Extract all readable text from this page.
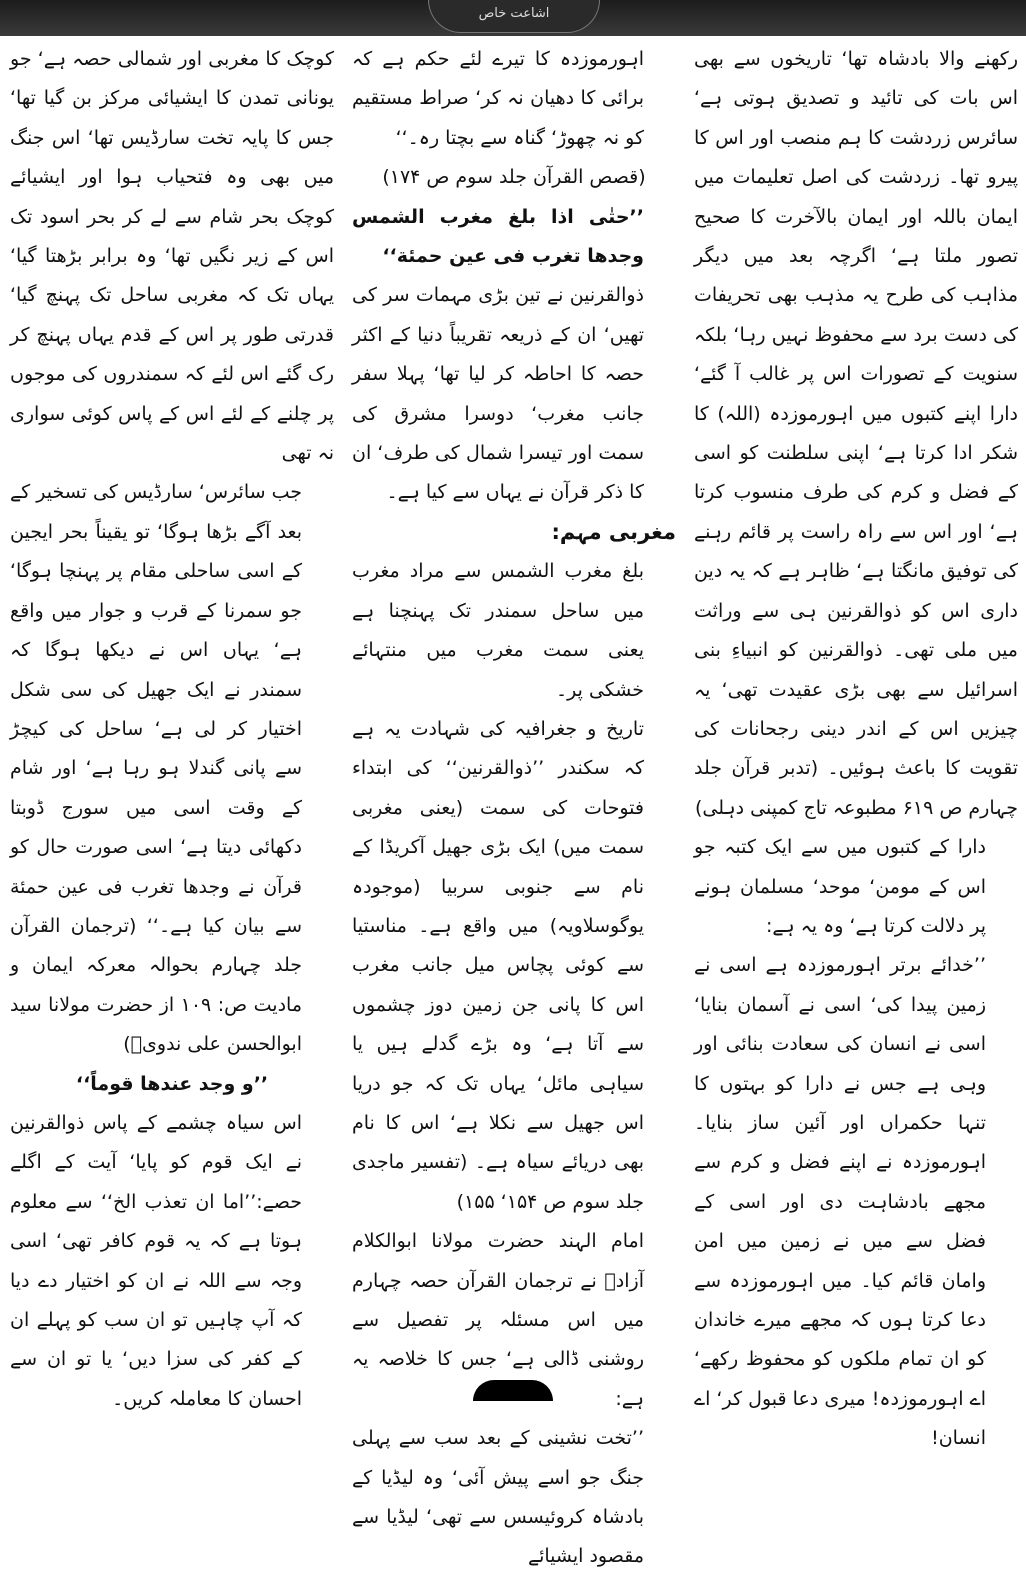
اشاعت خاص

رکھنے والا بادشاہ تھا‘ تاریخوں سے بھی اس بات کی تائید و تصدیق ہوتی ہے‘ سائرس زردشت کا ہم منصب اور اس کا پیرو تھا۔ زردشت کی اصل تعلیمات میں ایمان باللہ اور ایمان بالآخرت کا صحیح تصور ملتا ہے‘ اگرچہ بعد میں دیگر مذاہب کی طرح یہ مذہب بھی تحریفات کی دست برد سے محفوظ نہیں رہا‘ بلکہ سنویت کے تصورات اس پر غالب آ گئے‘ دارا اپنے کتبوں میں اہورموزدہ (اللہ) کا شکر ادا کرتا ہے‘ اپنی سلطنت کو اسی کے فضل و کرم کی طرف منسوب کرتا ہے‘ اور اس سے راہ راست پر قائم رہنے کی توفیق مانگتا ہے‘ ظاہر ہے کہ یہ دین داری اس کو ذوالقرنین ہی سے وراثت میں ملی تھی۔ ذوالقرنین کو انبیاءِ بنی اسرائیل سے بھی بڑی عقیدت تھی‘ یہ چیزیں اس کے اندر دینی رجحانات کی تقویت کا باعث ہوئیں۔ (تدبر قرآن جلد چہارم ص ۶۱۹ مطبوعہ تاج کمپنی دہلی)

دارا کے کتبوں میں سے ایک کتبہ جو اس کے مومن‘ موحد‘ مسلمان ہونے پر دلالت کرتا ہے‘ وہ یہ ہے:

’’خدائے برتر اہورموزدہ ہے اسی نے زمین پیدا کی‘ اسی نے آسمان بنایا‘ اسی نے انسان کی سعادت بنائی اور وہی ہے جس نے دارا کو بہتوں کا تنہا حکمراں اور آئین ساز بنایا۔ اہورموزدہ نے اپنے فضل و کرم سے مجھے بادشاہت دی اور اسی کے فضل سے میں نے زمین میں امن وامان قائم کیا۔ میں اہورموزدہ سے دعا کرتا ہوں کہ مجھے میرے خاندان کو ان تمام ملکوں کو محفوظ رکھے‘ اے اہورموزدہ! میری دعا قبول کر‘ اے انسان!

اہورموزدہ کا تیرے لئے حکم ہے کہ برائی کا دھیان نہ کر‘ صراط مستقیم کو نہ چھوڑ‘ گناہ سے بچتا رہ۔‘‘

(قصص القرآن جلد سوم ص ۱۷۴)

’’حتٰی اذا بلغ مغرب الشمس وجدھا تغرب فی عین حمئة‘‘

ذوالقرنین نے تین بڑی مہمات سر کی تھیں‘ ان کے ذریعہ تقریباً دنیا کے اکثر حصہ کا احاطہ کر لیا تھا‘ پہلا سفر جانب مغرب‘ دوسرا مشرق کی سمت اور تیسرا شمال کی طرف‘ ان کا ذکر قرآن نے یہاں سے کیا ہے۔

مغربی مہم:

بلغ مغرب الشمس سے مراد مغرب میں ساحل سمندر تک پہنچنا ہے یعنی سمت مغرب میں منتہائے خشکی پر۔

تاریخ و جغرافیہ کی شہادت یہ ہے کہ سکندر ’’ذوالقرنین‘‘ کی ابتداء فتوحات کی سمت (یعنی مغربی سمت میں) ایک بڑی جھیل آکریڈا کے نام سے جنوبی سربیا (موجودہ یوگوسلاویہ) میں واقع ہے۔ مناستیا سے کوئی پچاس میل جانب مغرب اس کا پانی جن زمین دوز چشموں سے آتا ہے‘ وہ بڑے گدلے ہیں یا سیاہی مائل‘ یہاں تک کہ جو دریا اس جھیل سے نکلا ہے‘ اس کا نام بھی دریائے سیاہ ہے۔ (تفسیر ماجدی جلد سوم ص ۱۵۴‘ ۱۵۵)

امام الہند حضرت مولانا ابوالکلام آزادؒ نے ترجمان القرآن حصہ چہارم میں اس مسئلہ پر تفصیل سے روشنی ڈالی ہے‘ جس کا خلاصہ یہ ہے:

’’تخت نشینی کے بعد سب سے پہلی جنگ جو اسے پیش آئی‘ وہ لیڈیا کے بادشاہ کروئیسس سے تھی‘ لیڈیا سے مقصود ایشیائے

کوچک کا مغربی اور شمالی حصہ ہے‘ جو یونانی تمدن کا ایشیائی مرکز بن گیا تھا‘ جس کا پایہ تخت سارڈیس تھا‘ اس جنگ میں بھی وہ فتحیاب ہوا اور ایشیائے کوچک بحر شام سے لے کر بحر اسود تک اس کے زیر نگیں تھا‘ وہ برابر بڑھتا گیا‘ یہاں تک کہ مغربی ساحل تک پہنچ گیا‘ قدرتی طور پر اس کے قدم یہاں پہنچ کر رک گئے اس لئے کہ سمندروں کی موجوں پر چلنے کے لئے اس کے پاس کوئی سواری نہ تھی

جب سائرس‘ سارڈیس کی تسخیر کے بعد آگے بڑھا ہوگا‘ تو یقیناً بحر ایجین کے اسی ساحلی مقام پر پہنچا ہوگا‘ جو سمرنا کے قرب و جوار میں واقع ہے‘ یہاں اس نے دیکھا ہوگا کہ سمندر نے ایک جھیل کی سی شکل اختیار کر لی ہے‘ ساحل کی کیچڑ سے پانی گندلا ہو رہا ہے‘ اور شام کے وقت اسی میں سورج ڈوبتا دکھائی دیتا ہے‘ اسی صورت حال کو قرآن نے وجدھا تغرب فی عین حمئة سے بیان کیا ہے۔‘‘ (ترجمان القرآن جلد چہارم بحوالہ معرکہ ایمان و مادیت ص: ۱۰۹ از حضرت مولانا سید ابوالحسن علی ندویؒ)

’’و وجد عندھا قوماً‘‘

اس سیاہ چشمے کے پاس ذوالقرنین نے ایک قوم کو پایا‘ آیت کے اگلے حصے:’’اما ان تعذب الخ‘‘ سے معلوم ہوتا ہے کہ یہ قوم کافر تھی‘ اسی وجہ سے اللہ نے ان کو اختیار دے دیا کہ آپ چاہیں تو ان سب کو پہلے ان کے کفر کی سزا دیں‘ یا تو ان سے احسان کا معاملہ کریں۔
